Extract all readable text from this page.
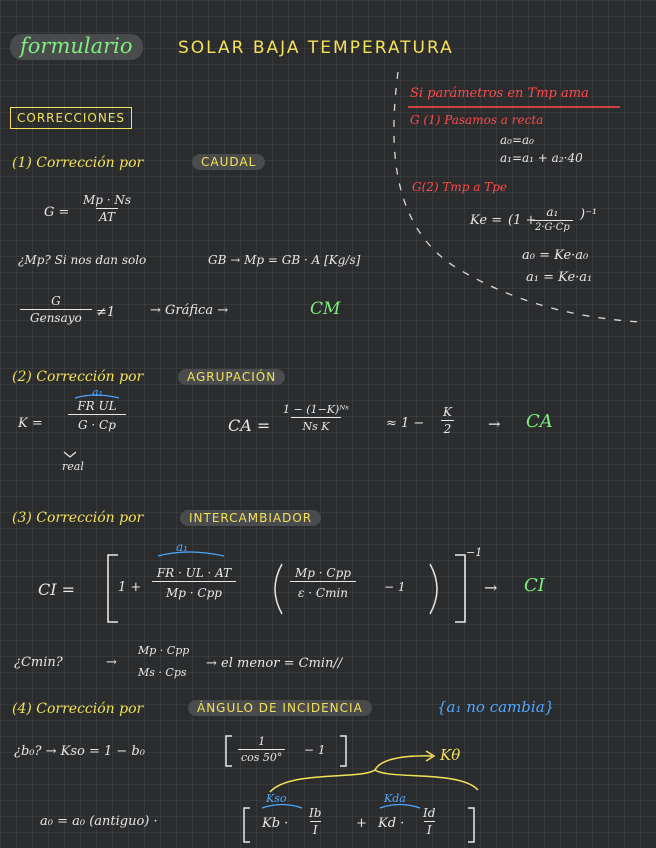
formulario	SOLAR BAJA TEMPERATURA
CORRECCIONES
Si parámetros en Tmp ama
G (1) Pasamos a recta
a₀=a₀
a₁=a₁ + a₂·40
G(2) Tmp a Tpe
Ke = (1 +
a₁
2·G·Cp
)⁻¹
a₀ = Ke·a₀
a₁ = Ke·a₁
(1) Corrección por	CAUDAL
$G = \frac{Mp \cdot Ns}{AT}$
¿Mp? Si nos dan solo	GB → Mp = GB · A [Kg/s]
G
Gensayo	≠1	→ Gráfica →	CM
(2) Corrección por	AGRUPACIÓN
K =
a₁
$\frac{\text{FR UL}}{G \cdot Cp}$
real
CA = $\frac{\text{1 − (1−K)ᴺˢ}}{\text{Ns K}}$	≈ $1 - \frac{K}{2}$ → CA
(3) Corrección por	INTERCAMBIADOR
CI =	1 +
a₁
FR · UL · AT
Mp · Cpp
Mp · Cpp
ε · Cmin	− 1
−1
→ CI
¿Cmin?	→
Mp · Cpp
Ms · Cps
→ el menor = Cmin//
(4) Corrección por	ÁNGULO DE INCIDENCIA	{a₁ no cambia}
¿b₀? → Kso = 1 − b₀	$\frac{1}{\cos 50^\circ} - 1$	Kθ
a₀ = a₀ (antiguo) ·
Kso	Kda
$Kb \cdot \frac{Ib}{I} + Kd \cdot \frac{Id}{I}$
